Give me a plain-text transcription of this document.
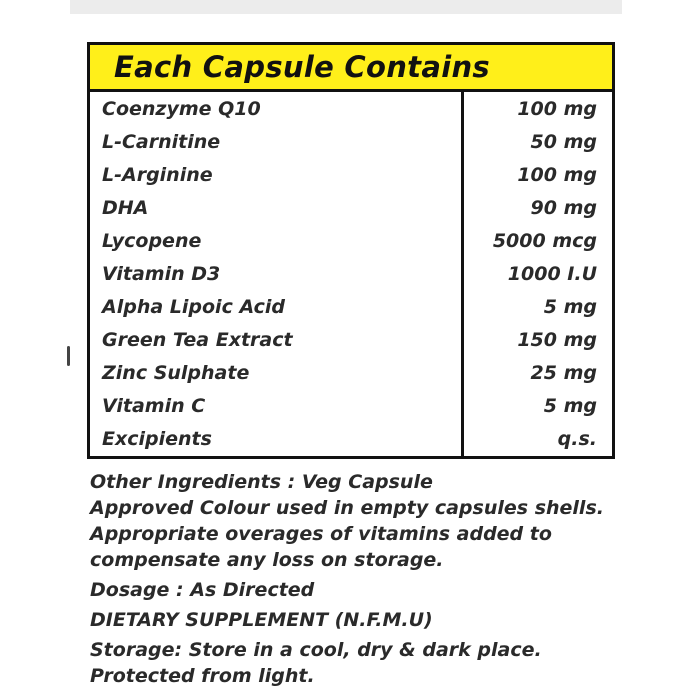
Each Capsule Contains
Coenzyme Q10	100 mg
L-Carnitine	50 mg
L-Arginine	100 mg
DHA	90 mg
Lycopene	5000 mcg
Vitamin D3	1000 I.U
Alpha Lipoic Acid	5 mg
Green Tea Extract	150 mg
Zinc Sulphate	25 mg
Vitamin C	5 mg
Excipients	q.s.
Other Ingredients : Veg Capsule
Approved Colour used in empty capsules shells.
Appropriate overages of vitamins added to
compensate any loss on storage.
Dosage : As Directed
DIETARY SUPPLEMENT (N.F.M.U)
Storage: Store in a cool, dry & dark place.
Protected from light.
